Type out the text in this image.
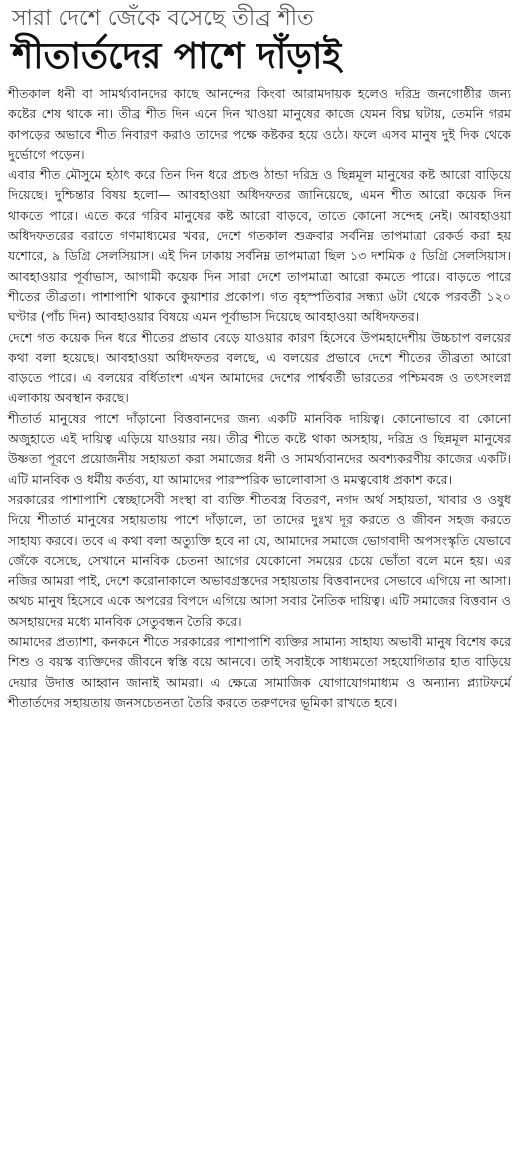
সারা দেশে জেঁকে বসেছে তীব্র শীত
শীতার্তদের পাশে দাঁড়াই

শীতকাল ধনী বা সামর্থ্যবানদের কাছে আনন্দের কিংবা আরামদায়ক হলেও দরিদ্র জনগোষ্ঠীর জন্য কষ্টের শেষ থাকে না। তীব্র শীত দিন এনে দিন খাওয়া মানুষের কাজে যেমন বিঘ্ন ঘটায়, তেমনি গরম কাপড়ের অভাবে শীত নিবারণ করাও তাদের পক্ষে কষ্টকর হয়ে ওঠে। ফলে এসব মানুষ দুই দিক থেকে দুর্ভোগে পড়েন।

এবার শীত মৌসুমে হঠাৎ করে তিন দিন ধরে প্রচণ্ড ঠান্ডা দরিদ্র ও ছিন্নমূল মানুষের কষ্ট আরো বাড়িয়ে দিয়েছে। দুশ্চিন্তার বিষয় হলো— আবহাওয়া অধিদফতর জানিয়েছে, এমন শীত আরো কয়েক দিন থাকতে পারে। এতে করে গরিব মানুষের কষ্ট আরো বাড়বে, তাতে কোনো সন্দেহ নেই। আবহাওয়া অধিদফতরের বরাতে গণমাধ্যমের খবর, দেশে গতকাল শুক্রবার সর্বনিম্ন তাপমাত্রা রেকর্ড করা হয় যশোরে, ৯ ডিগ্রি সেলসিয়াস। এই দিন ঢাকায় সর্বনিম্ন তাপমাত্রা ছিল ১৩ দশমিক ৫ ডিগ্রি সেলসিয়াস। আবহাওয়ার পূর্বাভাস, আগামী কয়েক দিন সারা দেশে তাপমাত্রা আরো কমতে পারে। বাড়তে পারে শীতের তীব্রতা। পাশাপাশি থাকবে কুয়াশার প্রকোপ। গত বৃহস্পতিবার সন্ধ্যা ৬টা থেকে পরবর্তী ১২০ ঘণ্টার (পাঁচ দিন) আবহাওয়ার বিষয়ে এমন পূর্বাভাস দিয়েছে আবহাওয়া অধিদফতর।

দেশে গত কয়েক দিন ধরে শীতের প্রভাব বেড়ে যাওয়ার কারণ হিসেবে উপমহাদেশীয় উচ্চচাপ বলয়ের কথা বলা হয়েছে। আবহাওয়া অধিদফতর বলছে, এ বলয়ের প্রভাবে দেশে শীতের তীব্রতা আরো বাড়তে পারে। এ বলয়ের বর্ধিতাংশ এখন আমাদের দেশের পার্শ্ববর্তী ভারতের পশ্চিমবঙ্গ ও তৎসংলগ্ন এলাকায় অবস্থান করছে।

শীতার্ত মানুষের পাশে দাঁড়ানো বিত্তবানদের জন্য একটি মানবিক দায়িত্ব। কোনোভাবে বা কোনো অজুহাতে এই দায়িত্ব এড়িয়ে যাওয়ার নয়। তীব্র শীতে কষ্টে থাকা অসহায়, দরিদ্র ও ছিন্নমূল মানুষের উষ্ণতা পূরণে প্রয়োজনীয় সহায়তা করা সমাজের ধনী ও সামর্থ্যবানদের অবশ্যকরণীয় কাজের একটি। এটি মানবিক ও ধর্মীয় কর্তব্য, যা আমাদের পারস্পরিক ভালোবাসা ও মমত্ববোধ প্রকাশ করে।

সরকারের পাশাপাশি স্বেচ্ছাসেবী সংস্থা বা ব্যক্তি শীতবস্ত্র বিতরণ, নগদ অর্থ সহায়তা, খাবার ও ওষুধ দিয়ে শীতার্ত মানুষের সহায়তায় পাশে দাঁড়ালে, তা তাদের দুঃখ দূর করতে ও জীবন সহজ করতে সাহায্য করবে। তবে এ কথা বলা অত্যুক্তি হবে না যে, আমাদের সমাজে ভোগবাদী অপসংস্কৃতি যেভাবে জেঁকে বসেছে, সেখানে মানবিক চেতনা আগের যেকোনো সময়ের চেয়ে ভোঁতা বলে মনে হয়। এর নজির আমরা পাই, দেশে করোনাকালে অভাবগ্রস্তদের সহায়তায় বিত্তবানদের সেভাবে এগিয়ে না আসা। অথচ মানুষ হিসেবে একে অপরের বিপদে এগিয়ে আসা সবার নৈতিক দায়িত্ব। এটি সমাজের বিত্তবান ও অসহায়দের মধ্যে মানবিক সেতুবন্ধন তৈরি করে।

আমাদের প্রত্যাশা, কনকনে শীতে সরকারের পাশাপাশি ব্যক্তির সামান্য সাহায্য অভাবী মানুষ বিশেষ করে শিশু ও বয়স্ক ব্যক্তিদের জীবনে স্বস্তি বয়ে আনবে। তাই সবাইকে সাধ্যমতো সহযোগিতার হাত বাড়িয়ে দেয়ার উদাত্ত আহ্বান জানাই আমরা। এ ক্ষেত্রে সামাজিক যোগাযোগমাধ্যম ও অন্যান্য প্ল্যাটফর্মে শীতার্তদের সহায়তায় জনসচেতনতা তৈরি করতে তরুণদের ভূমিকা রাখতে হবে।
